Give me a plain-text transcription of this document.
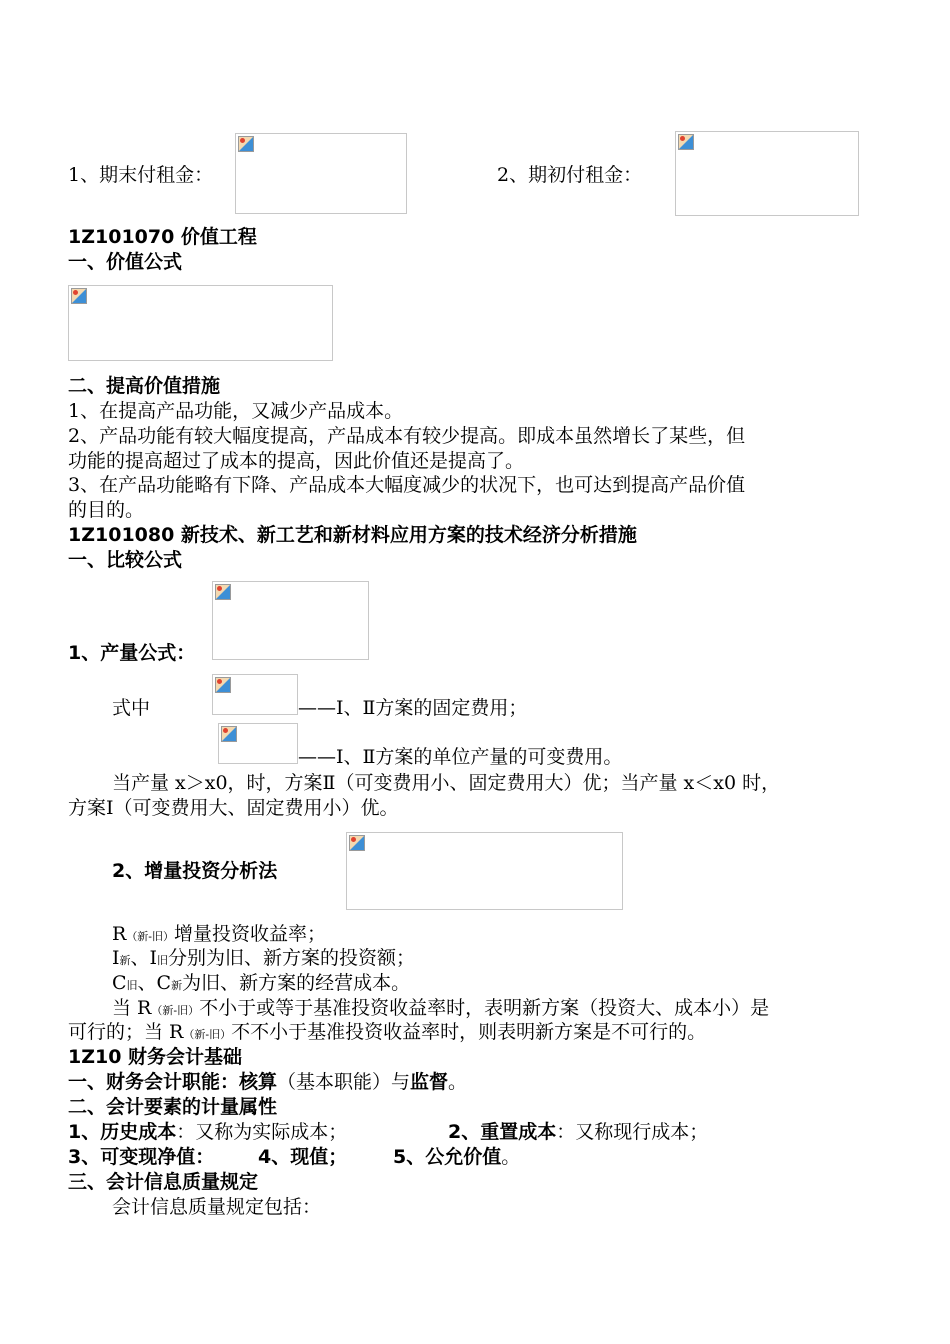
1、期末付租金：	2、期初付租金：
1Z101070 价值工程
一、价值公式
二、提高价值措施
1、在提高产品功能，又减少产品成本。
2、产品功能有较大幅度提高，产品成本有较少提高。即成本虽然增长了某些，但
功能的提高超过了成本的提高，因此价值还是提高了。
3、在产品功能略有下降、产品成本大幅度减少的状况下，也可达到提高产品价值
的目的。
1Z101080 新技术、新工艺和新材料应用方案的技术经济分析措施
一、比较公式
1、产量公式：
式中	——Ⅰ、Ⅱ方案的固定费用；
——Ⅰ、Ⅱ方案的单位产量的可变费用。
当产量 x＞x0，时，方案Ⅱ（可变费用小、固定费用大）优；当产量 x＜x0 时，
方案Ⅰ（可变费用大、固定费用小）优。
2、增量投资分析法
R（新-旧）增量投资收益率；
Ⅰ新、Ⅰ旧分别为旧、新方案的投资额；
C旧、C新为旧、新方案的经营成本。
当 R（新-旧）不小于或等于基准投资收益率时，表明新方案（投资大、成本小）是
可行的；当 R（新-旧）不不小于基准投资收益率时，则表明新方案是不可行的。
1Z10 财务会计基础
一、财务会计职能：核算（基本职能）与监督。
二、会计要素的计量属性
1、历史成本：又称为实际成本；	2、重置成本：又称现行成本；
3、可变现净值： 4、现值； 5、公允价值。
三、会计信息质量规定
会计信息质量规定包括：
